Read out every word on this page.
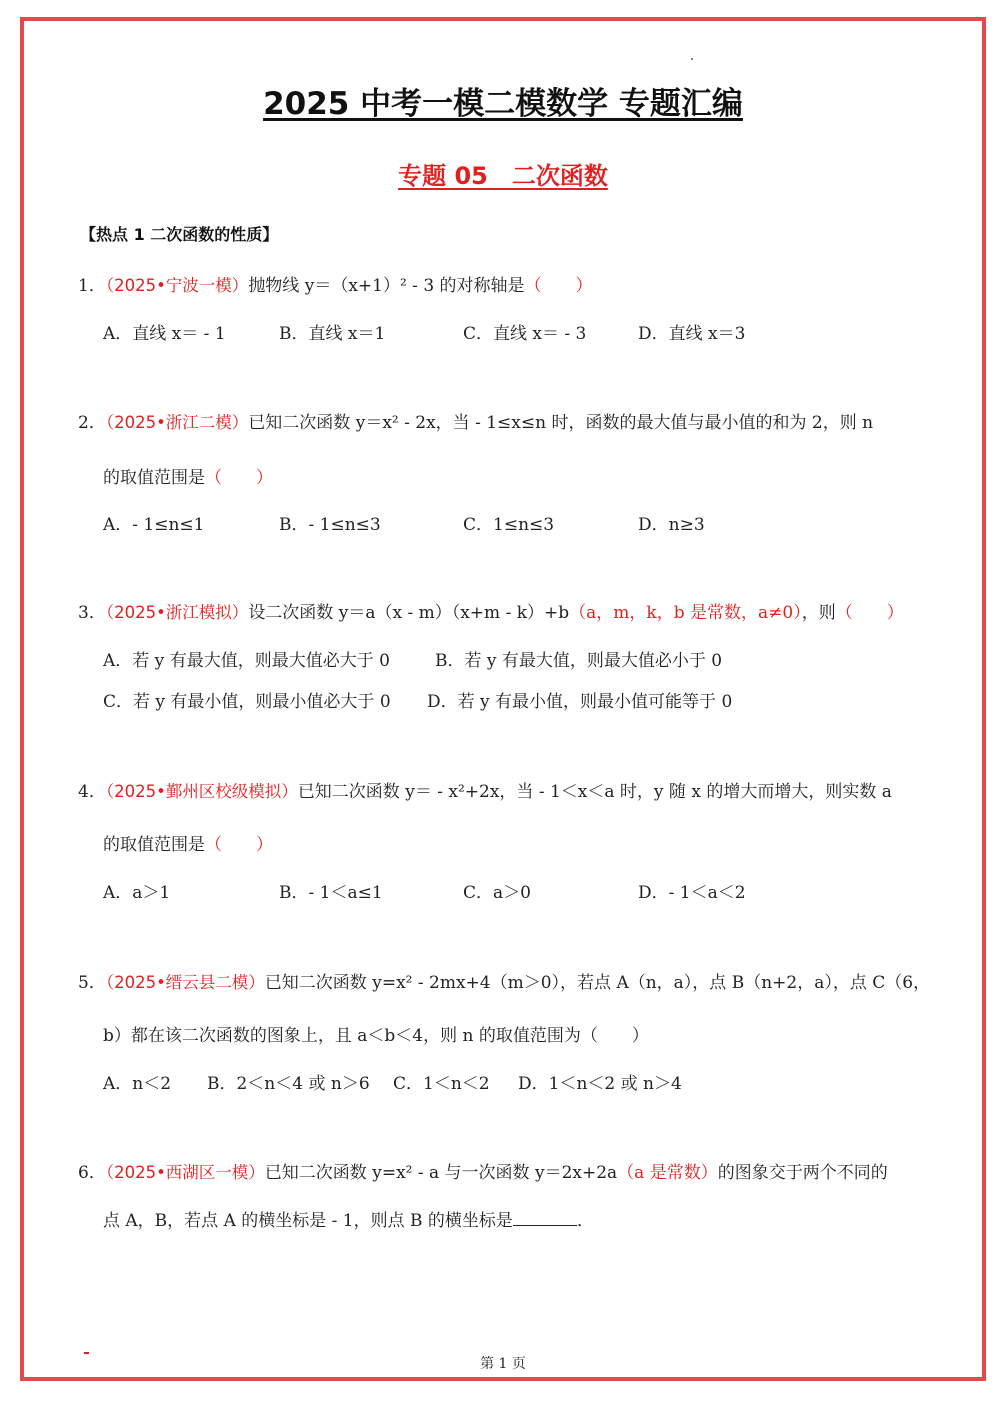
2025 中考一模二模数学 专题汇编
专题 05　二次函数
【热点 1 二次函数的性质】
1．（2025•宁波一模）抛物线 y＝（x+1）² - 3 的对称轴是（　　）
A．直线 x＝ - 1	B．直线 x＝1	C．直线 x＝ - 3	D．直线 x＝3
2．（2025•浙江二模）已知二次函数 y＝x² - 2x，当 - 1≤x≤n 时，函数的最大值与最小值的和为 2，则 n
的取值范围是（　　）
A．- 1≤n≤1	B．- 1≤n≤3	C．1≤n≤3	D．n≥3
3．（2025•浙江模拟）设二次函数 y＝a（x - m）（x+m - k）+b（a，m，k，b 是常数，a≠0），则（　　）
A．若 y 有最大值，则最大值必大于 0	B．若 y 有最大值，则最大值必小于 0
C．若 y 有最小值，则最小值必大于 0 D．若 y 有最小值，则最小值可能等于 0
4．（2025•鄞州区校级模拟）已知二次函数 y＝ - x²+2x，当 - 1＜x＜a 时，y 随 x 的增大而增大，则实数 a
的取值范围是（　　）
A．a＞1	B．- 1＜a≤1	C．a＞0	D．- 1＜a＜2
5．（2025•缙云县二模）已知二次函数 y=x² - 2mx+4（m＞0），若点 A（n，a），点 B（n+2，a），点 C（6，
b）都在该二次函数的图象上，且 a＜b＜4，则 n 的取值范围为（　　）
A．n＜2 B．2＜n＜4 或 n＞6 C．1＜n＜2 D．1＜n＜2 或 n＞4
6．（2025•西湖区一模）已知二次函数 y=x² - a 与一次函数 y＝2x+2a（a 是常数）的图象交于两个不同的
点 A，B，若点 A 的横坐标是 - 1，则点 B 的横坐标是	．
第 1 页
